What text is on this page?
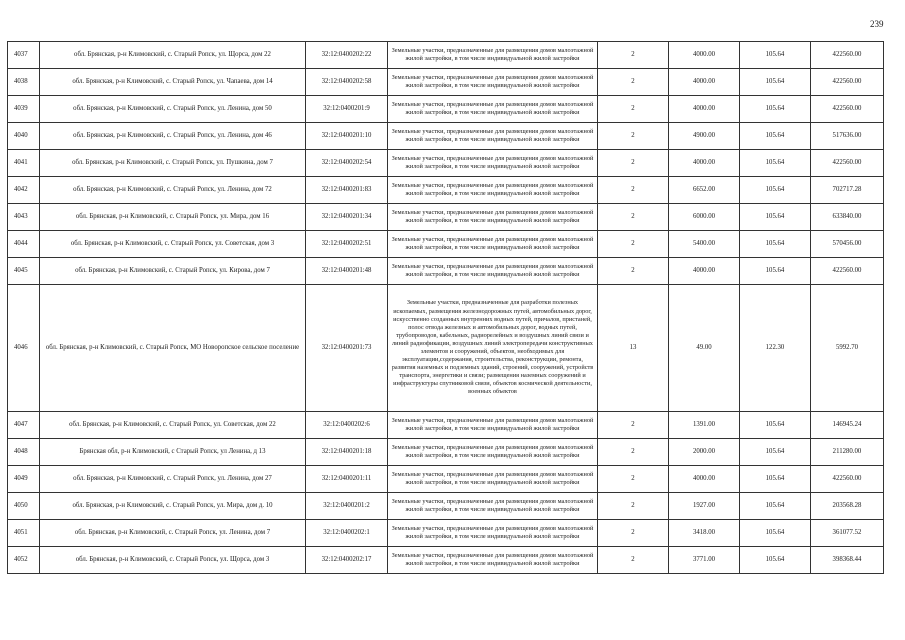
239
4037	обл. Брянская, р-н Климовский, с. Старый Ропск, ул. Щорса, дом 22	32:12:0400202:22	Земельные участки, предназначенные для размещения домов малоэтажной жилой застройки, в том числе индивидуальной жилой застройки	2	4000.00	105.64	422560.00
4038	обл. Брянская, р-н Климовский, с. Старый Ропск, ул. Чапаева, дом 14	32:12:0400202:58	Земельные участки, предназначенные для размещения домов малоэтажной жилой застройки, в том числе индивидуальной жилой застройки	2	4000.00	105.64	422560.00
4039	обл. Брянская, р-н Климовский, с. Старый Ропск, ул. Ленина, дом 50	32:12:0400201:9	Земельные участки, предназначенные для размещения домов малоэтажной жилой застройки, в том числе индивидуальной жилой застройки	2	4000.00	105.64	422560.00
4040	обл. Брянская, р-н Климовский, с. Старый Ропск, ул. Ленина, дом 46	32:12:0400201:10	Земельные участки, предназначенные для размещения домов малоэтажной жилой застройки, в том числе индивидуальной жилой застройки	2	4900.00	105.64	517636.00
4041	обл. Брянская, р-н Климовский, с. Старый Ропск, ул. Пушкина, дом 7	32:12:0400202:54	Земельные участки, предназначенные для размещения домов малоэтажной жилой застройки, в том числе индивидуальной жилой застройки	2	4000.00	105.64	422560.00
4042	обл. Брянская, р-н Климовский, с. Старый Ропск, ул. Ленина, дом 72	32:12:0400201:83	Земельные участки, предназначенные для размещения домов малоэтажной жилой застройки, в том числе индивидуальной жилой застройки	2	6652.00	105.64	702717.28
4043	обл. Брянская, р-н Климовский, с. Старый Ропск, ул. Мира, дом 16	32:12:0400201:34	Земельные участки, предназначенные для размещения домов малоэтажной жилой застройки, в том числе индивидуальной жилой застройки	2	6000.00	105.64	633840.00
4044	обл. Брянская, р-н Климовский, с. Старый Ропск, ул. Советская, дом 3	32:12:0400202:51	Земельные участки, предназначенные для размещения домов малоэтажной жилой застройки, в том числе индивидуальной жилой застройки	2	5400.00	105.64	570456.00
4045	обл. Брянская, р-н Климовский, с. Старый Ропск, ул. Кирова, дом 7	32:12:0400201:48	Земельные участки, предназначенные для размещения домов малоэтажной жилой застройки, в том числе индивидуальной жилой застройки	2	4000.00	105.64	422560.00
4046	обл. Брянская, р-н Климовский, с. Старый Ропск, МО Новоропское сельское поселение	32:12:0400201:73	Земельные участки, предназначенные для разработки полезных ископаемых, размещения железнодорожных путей, автомобильных дорог, искусственно созданных внутренних водных путей, причалов, пристаней, полос отвода железных и автомобильных дорог, водных путей, трубопроводов, кабельных, радиорелейных и воздушных линий связи и линий радиофикации, воздушных линий электропередачи конструктивных элементов и сооружений, объектов, необходимых для эксплуатации,содержания, строительства, реконструкции, ремонта, развития наземных и подземных зданий, строений, сооружений, устройств транспорта, энергетики и связи; размещения наземных сооружений и инфраструктуры спутниковой связи, объектов космической деятельности, военных объектов	13	49.00	122.30	5992.70
4047	обл. Брянская, р-н Климовский, с. Старый Ропск, ул. Советская, дом 22	32:12:0400202:6	Земельные участки, предназначенные для размещения домов малоэтажной жилой застройки, в том числе индивидуальной жилой застройки	2	1391.00	105.64	146945.24
4048	Брянская обл, р-н Климовский, с Старый Ропск, ул Ленина, д 13	32:12:0400201:18	Земельные участки, предназначенные для размещения домов малоэтажной жилой застройки, в том числе индивидуальной жилой застройки	2	2000.00	105.64	211280.00
4049	обл. Брянская, р-н Климовский, с. Старый Ропск, ул. Ленина, дом 27	32:12:0400201:11	Земельные участки, предназначенные для размещения домов малоэтажной жилой застройки, в том числе индивидуальной жилой застройки	2	4000.00	105.64	422560.00
4050	обл. Брянская, р-н Климовский, с. Старый Ропск, ул. Мира, дом д. 10	32:12:0400201:2	Земельные участки, предназначенные для размещения домов малоэтажной жилой застройки, в том числе индивидуальной жилой застройки	2	1927.00	105.64	203568.28
4051	обл. Брянская, р-н Климовский, с. Старый Ропск, ул. Ленина, дом 7	32:12:0400202:1	Земельные участки, предназначенные для размещения домов малоэтажной жилой застройки, в том числе индивидуальной жилой застройки	2	3418.00	105.64	361077.52
4052	обл. Брянская, р-н Климовский, с. Старый Ропск, ул. Щорса, дом 3	32:12:0400202:17	Земельные участки, предназначенные для размещения домов малоэтажной жилой застройки, в том числе индивидуальной жилой застройки	2	3771.00	105.64	398368.44
